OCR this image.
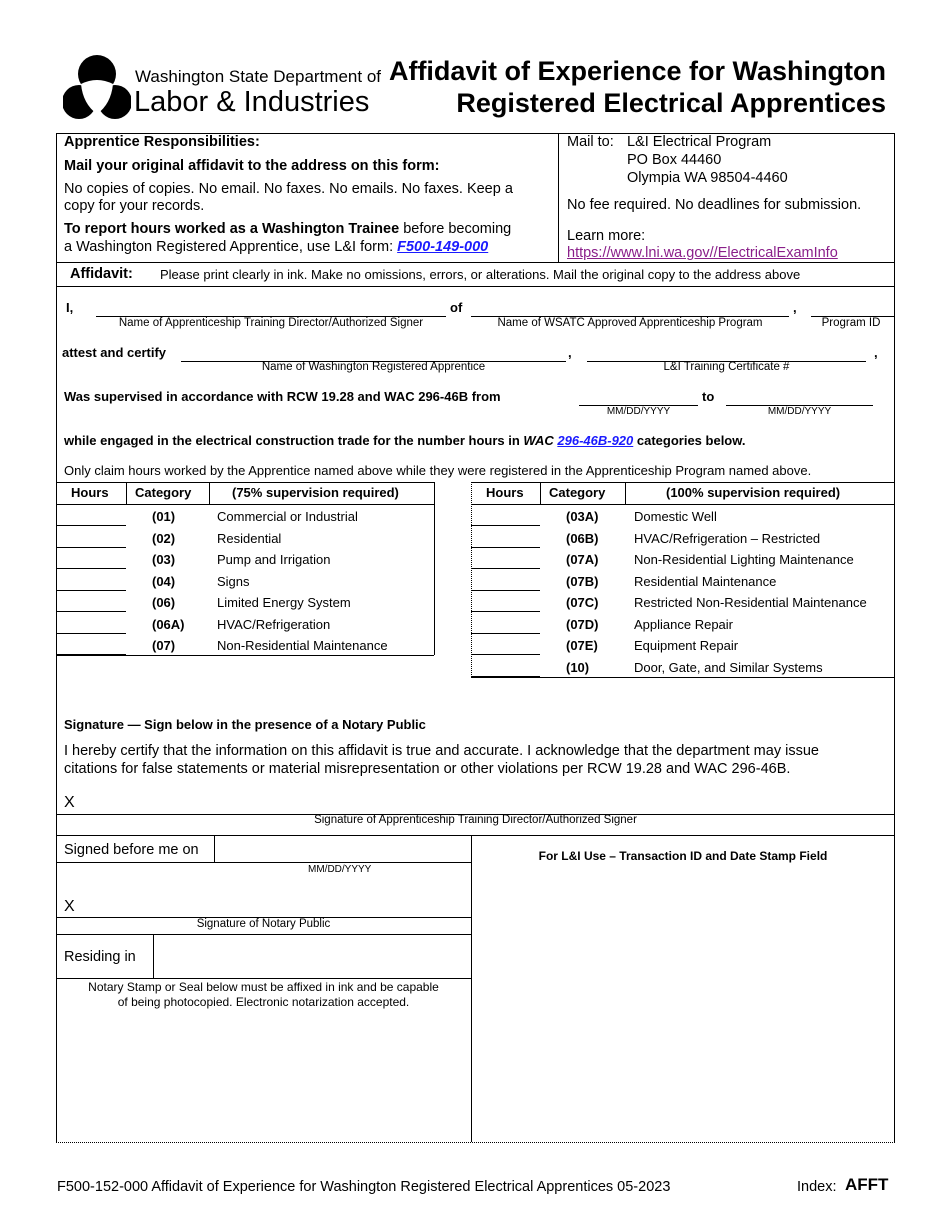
Washington State Department of
Labor & Industries
Affidavit of Experience for Washington
Registered Electrical Apprentices
Apprentice Responsibilities:
Mail your original affidavit to the address on this form:
No copies of copies. No email. No faxes. No emails. No faxes. Keep a
copy for your records.
To report hours worked as a Washington Trainee before becoming
a Washington Registered Apprentice, use L&I form: F500-149-000
Mail to: L&I Electrical Program
PO Box 44460
Olympia WA 98504-4460
No fee required. No deadlines for submission.
Learn more:
https://www.lni.wa.gov//ElectricalExamInfo
Affidavit: Please print clearly in ink. Make no omissions, errors, or alterations. Mail the original copy to the address above
I,
Name of Apprenticeship Training Director/Authorized Signer
of
Name of WSATC Approved Apprenticeship Program
,
Program ID
attest and certify
Name of Washington Registered Apprentice
,
L&I Training Certificate #
,
Was supervised in accordance with RCW 19.28 and WAC 296-46B from
MM/DD/YYYY
to
MM/DD/YYYY
while engaged in the electrical construction trade for the number hours in WAC 296-46B-920 categories below.
Only claim hours worked by the Apprentice named above while they were registered in the Apprenticeship Program named above.
Hours Category	(75% supervision required)
(01)	Commercial or Industrial
(02)	Residential
(03)	Pump and Irrigation
(04)	Signs
(06)	Limited Energy System
(06A) HVAC/Refrigeration
(07)	Non-Residential Maintenance
Hours Category	(100% supervision required)
(03A)	Domestic Well
(06B)	HVAC/Refrigeration – Restricted
(07A)	Non-Residential Lighting Maintenance
(07B)	Residential Maintenance
(07C)	Restricted Non-Residential Maintenance
(07D)	Appliance Repair
(07E)	Equipment Repair
(10)	Door, Gate, and Similar Systems
Signature — Sign below in the presence of a Notary Public
I hereby certify that the information on this affidavit is true and accurate. I acknowledge that the department may issue
citations for false statements or material misrepresentation or other violations per RCW 19.28 and WAC 296-46B.
X
Signature of Apprenticeship Training Director/Authorized Signer
Signed before me on
MM/DD/YYYY
X
Signature of Notary Public
Residing in
Notary Stamp or Seal below must be affixed in ink and be capable
of being photocopied. Electronic notarization accepted.
For L&I Use – Transaction ID and Date Stamp Field
F500-152-000 Affidavit of Experience for Washington Registered Electrical Apprentices 05-2023	Index: AFFT
